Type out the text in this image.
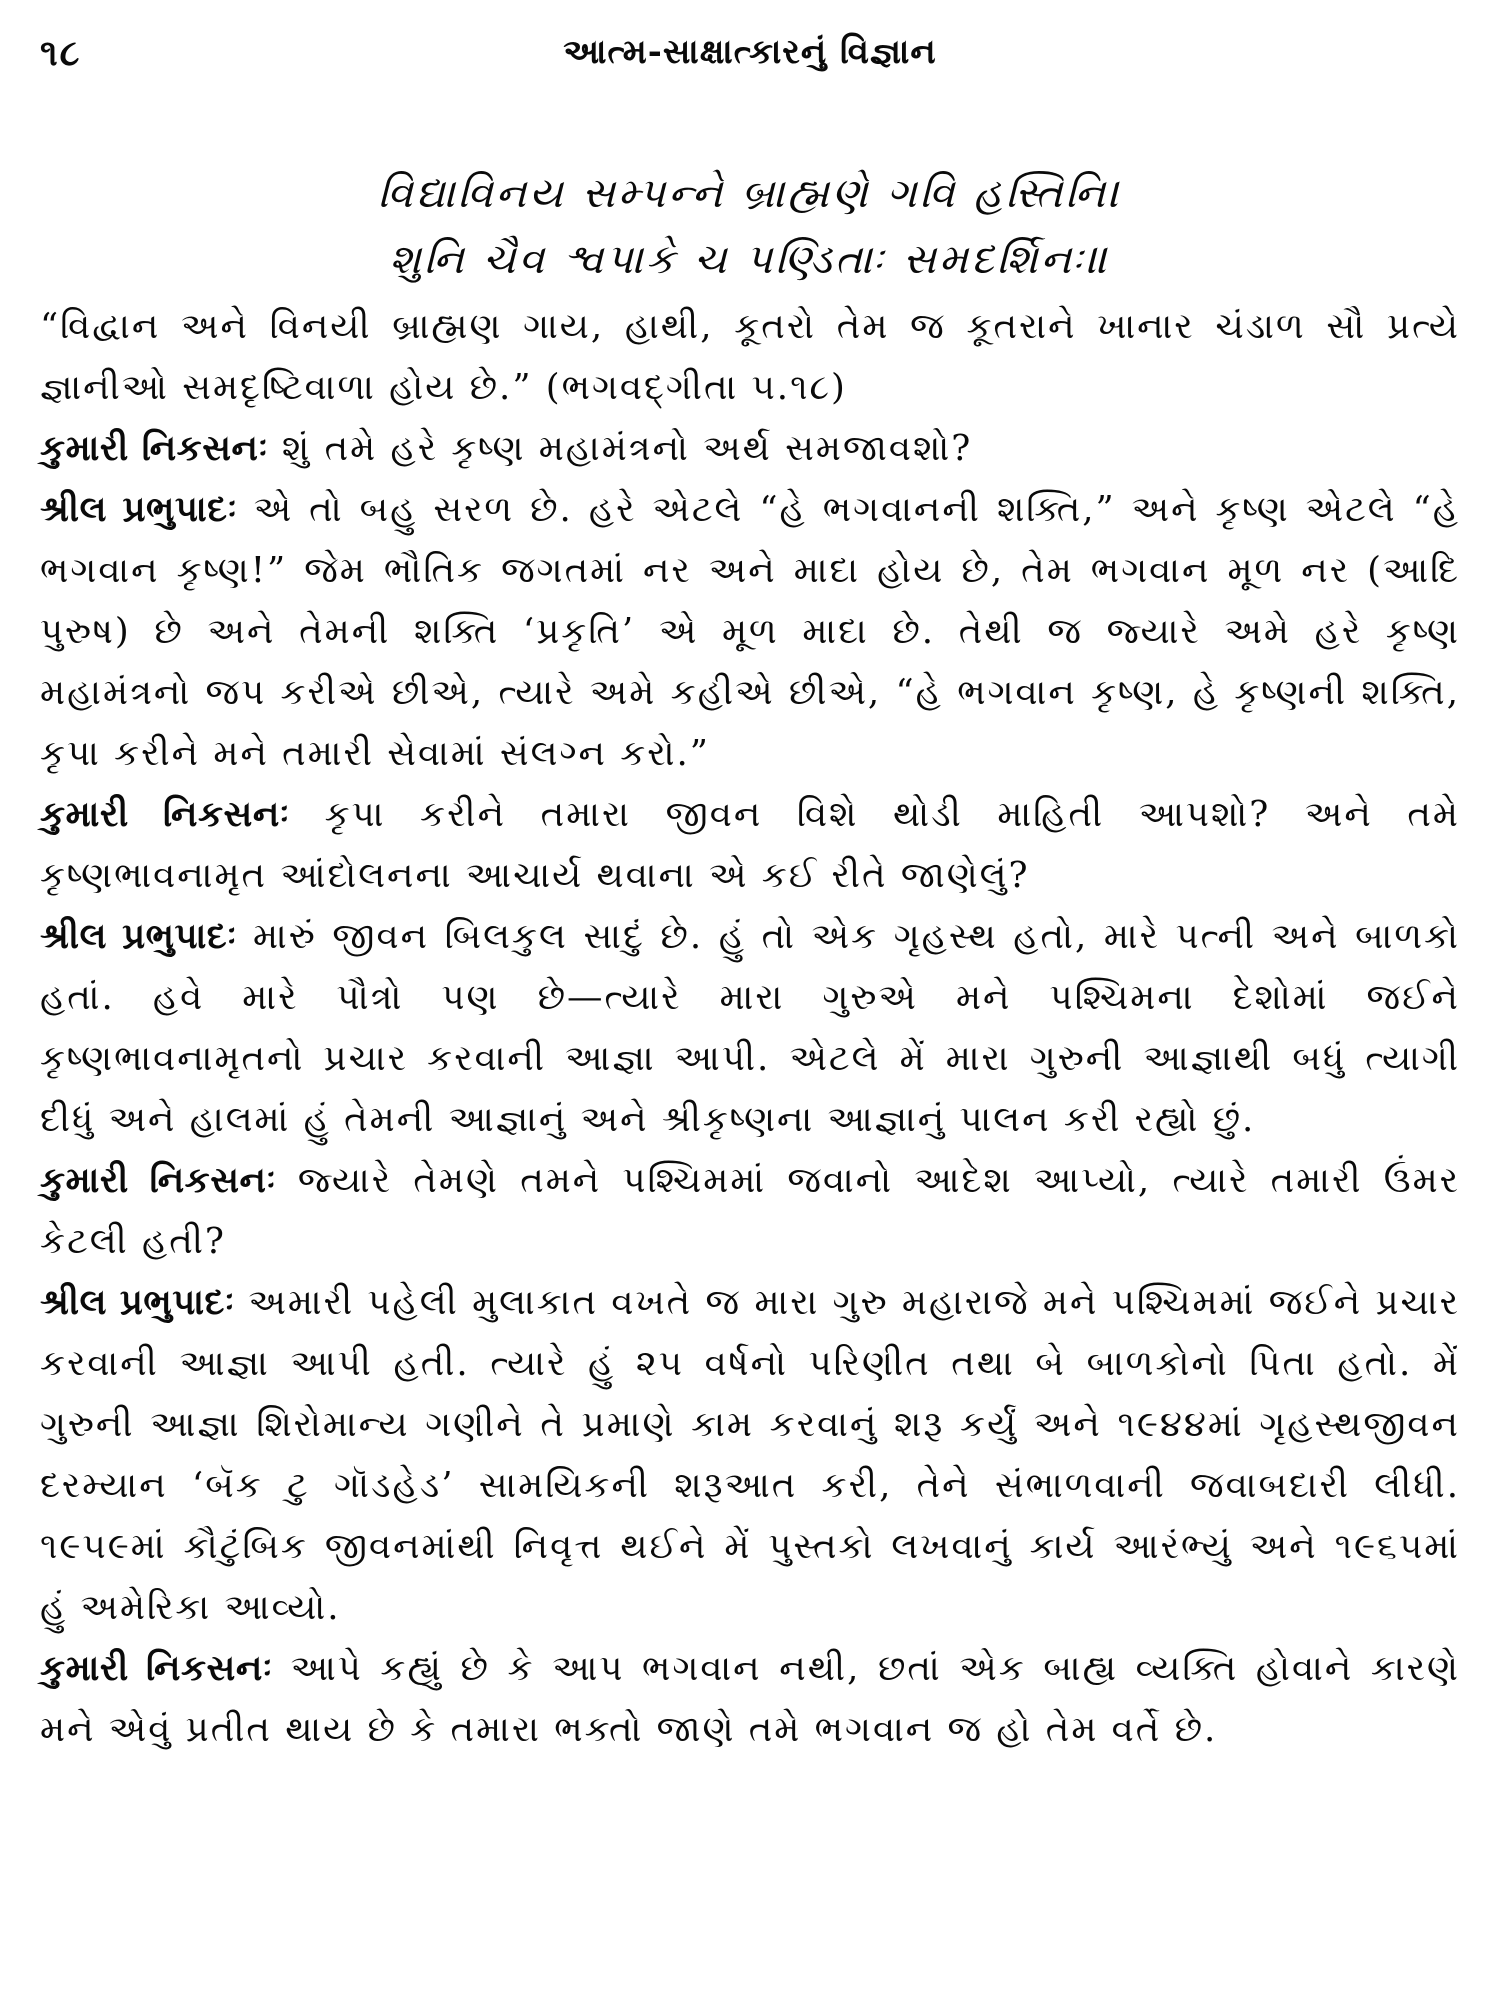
૧૮	આત્મ-સાક્ષાત્કારનું વિજ્ઞાન
વિદ્યાવિનય સમ્પન્ને બ્રાહ્મણે ગવિ હસ્તિનિ।
શુનિ ચૈવ શ્વપાકે ચ પણ્ડિતાઃ સમદર્શિનઃ॥

“વિદ્વાન અને વિનયી બ્રાહ્મણ ગાય, હાથી, કૂતરો તેમ જ કૂતરાને ખાનાર ચંડાળ સૌ પ્રત્યે જ્ઞાનીઓ સમદૃષ્ટિવાળા હોય છે.” (ભગવદ્‌ગીતા ૫.૧૮)

કુમારી નિકસનઃ શું તમે હરે કૃષ્ણ મહામંત્રનો અર્થ સમજાવશો?

શ્રીલ પ્રભુપાદઃ એ તો બહુ સરળ છે. હરે એટલે “હે ભગવાનની શક્તિ,” અને કૃષ્ણ એટલે “હે ભગવાન કૃષ્ણ!” જેમ ભૌતિક જગતમાં નર અને માદા હોય છે, તેમ ભગવાન મૂળ નર (આદિ પુરુષ) છે અને તેમની શક્તિ ‘પ્રકૃતિ’ એ મૂળ માદા છે. તેથી જ જ્યારે અમે હરે કૃષ્ણ મહામંત્રનો જપ કરીએ છીએ, ત્યારે અમે કહીએ છીએ, “હે ભગવાન કૃષ્ણ, હે કૃષ્ણની શક્તિ, કૃપા કરીને મને તમારી સેવામાં સંલગ્ન કરો.”

કુમારી નિકસનઃ કૃપા કરીને તમારા જીવન વિશે થોડી માહિતી આપશો? અને તમે કૃષ્ણભાવનામૃત આંદોલનના આચાર્ય થવાના એ કઈ રીતે જાણેલું?

શ્રીલ પ્રભુપાદઃ મારું જીવન બિલકુલ સાદું છે. હું તો એક ગૃહસ્થ હતો, મારે પત્ની અને બાળકો હતાં. હવે મારે પૌત્રો પણ છે—ત્યારે મારા ગુરુએ મને પશ્ચિમના દેશોમાં જઈને કૃષ્ણભાવનામૃતનો પ્રચાર કરવાની આજ્ઞા આપી. એટલે મેં મારા ગુરુની આજ્ઞાથી બધું ત્યાગી દીધું અને હાલમાં હું તેમની આજ્ઞાનું અને શ્રીકૃષ્ણના આજ્ઞાનું પાલન કરી રહ્યો છું.

કુમારી નિકસનઃ જ્યારે તેમણે તમને પશ્ચિમમાં જવાનો આદેશ આપ્યો, ત્યારે તમારી ઉંમર કેટલી હતી?

શ્રીલ પ્રભુપાદઃ અમારી પહેલી મુલાકાત વખતે જ મારા ગુરુ મહારાજે મને પશ્ચિમમાં જઈને પ્રચાર કરવાની આજ્ઞા આપી હતી. ત્યારે હું ૨૫ વર્ષનો પરિણીત તથા બે બાળકોનો પિતા હતો. મેં ગુરુની આજ્ઞા શિરોમાન્ય ગણીને તે પ્રમાણે કામ કરવાનું શરૂ કર્યું અને ૧૯૪૪માં ગૃહસ્થજીવન દરમ્યાન ‘બૅક ટુ ગૉડહેડ’ સામયિકની શરૂઆત કરી, તેને સંભાળવાની જવાબદારી લીધી. ૧૯૫૯માં કૌટુંબિક જીવનમાંથી નિવૃત્ત થઈને મેં પુસ્તકો લખવાનું કાર્ય આરંભ્યું અને ૧૯૬૫માં હું અમેરિકા આવ્યો.

કુમારી નિકસનઃ આપે કહ્યું છે કે આપ ભગવાન નથી, છતાં એક બાહ્ય વ્યક્તિ હોવાને કારણે મને એવું પ્રતીત થાય છે કે તમારા ભક્તો જાણે તમે ભગવાન જ હો તેમ વર્તે છે.
